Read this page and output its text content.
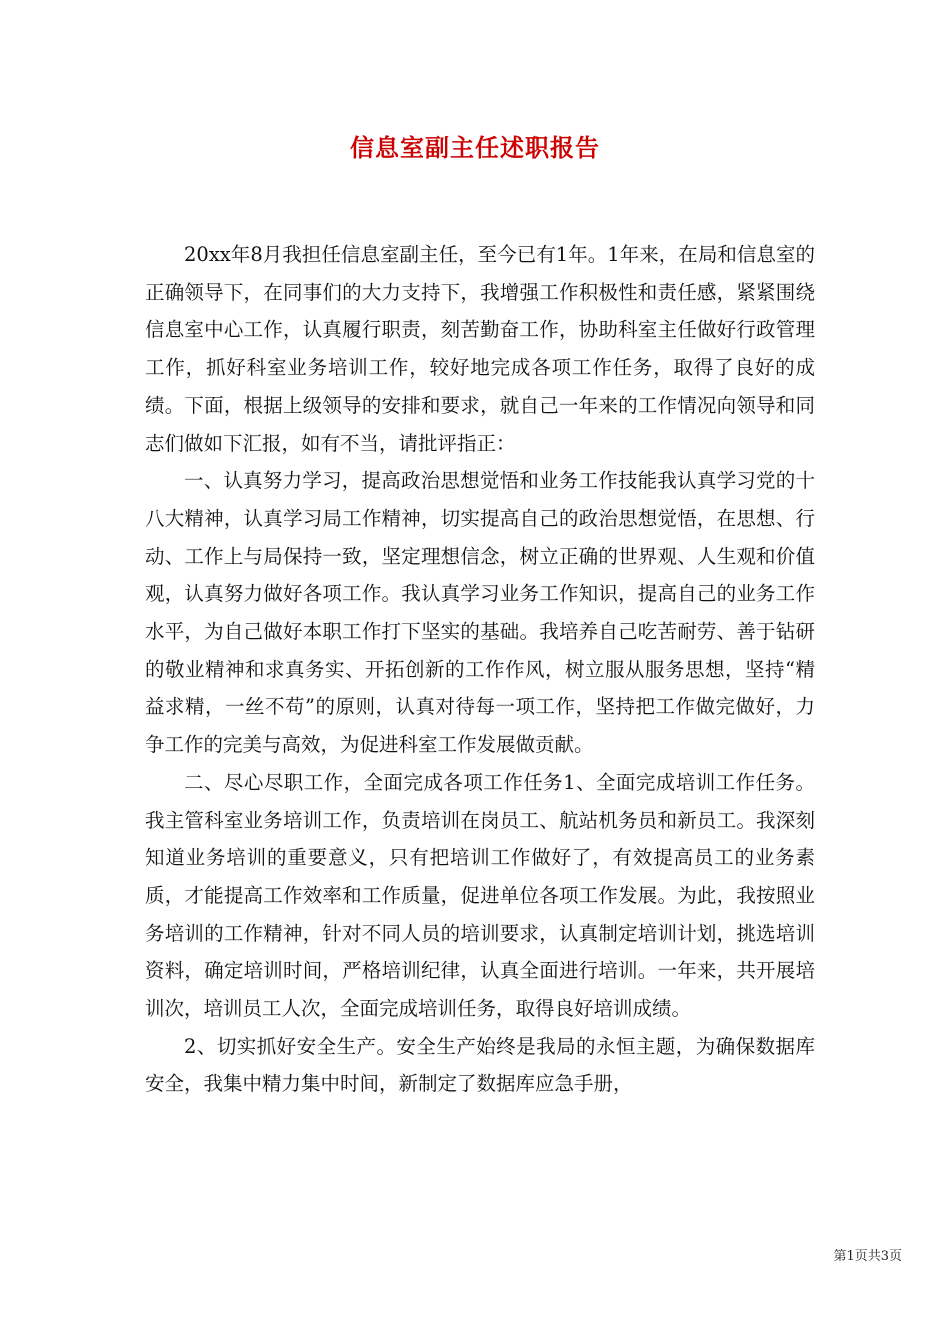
信息室副主任述职报告

20xx年8月我担任信息室副主任，至今已有1年。1年来，在局和信息室的正确领导下，在同事们的大力支持下，我增强工作积极性和责任感，紧紧围绕信息室中心工作，认真履行职责，刻苦勤奋工作，协助科室主任做好行政管理工作，抓好科室业务培训工作，较好地完成各项工作任务，取得了良好的成绩。下面，根据上级领导的安排和要求，就自己一年来的工作情况向领导和同志们做如下汇报，如有不当，请批评指正：

一、认真努力学习，提高政治思想觉悟和业务工作技能我认真学习党的十八大精神，认真学习局工作精神，切实提高自己的政治思想觉悟，在思想、行动、工作上与局保持一致，坚定理想信念，树立正确的世界观、人生观和价值观，认真努力做好各项工作。我认真学习业务工作知识，提高自己的业务工作水平，为自己做好本职工作打下坚实的基础。我培养自己吃苦耐劳、善于钻研的敬业精神和求真务实、开拓创新的工作作风，树立服从服务思想，坚持“精益求精，一丝不苟”的原则，认真对待每一项工作，坚持把工作做完做好，力争工作的完美与高效，为促进科室工作发展做贡献。

二、尽心尽职工作，全面完成各项工作任务1、全面完成培训工作任务。我主管科室业务培训工作，负责培训在岗员工、航站机务员和新员工。我深刻知道业务培训的重要意义，只有把培训工作做好了，有效提高员工的业务素质，才能提高工作效率和工作质量，促进单位各项工作发展。为此，我按照业务培训的工作精神，针对不同人员的培训要求，认真制定培训计划，挑选培训资料，确定培训时间，严格培训纪律，认真全面进行培训。一年来，共开展培训次，培训员工人次，全面完成培训任务，取得良好培训成绩。

2、切实抓好安全生产。安全生产始终是我局的永恒主题，为确保数据库安全，我集中精力集中时间，新制定了数据库应急手册，

第1页共3页
